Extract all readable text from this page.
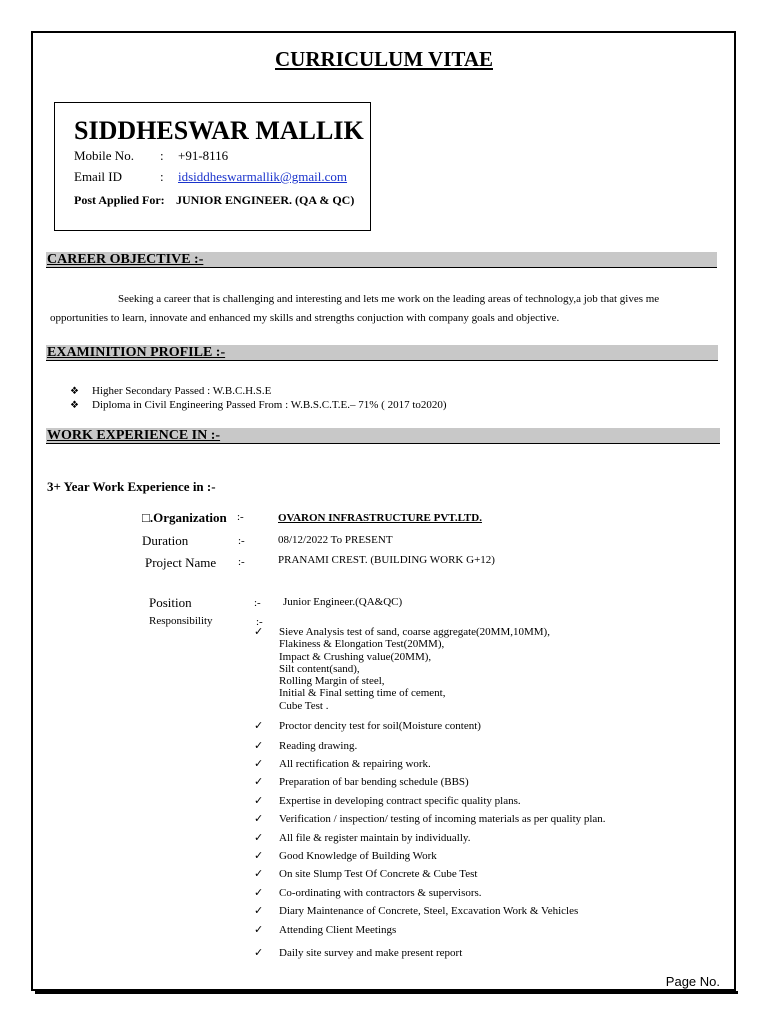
CURRICULUM VITAE
SIDDHESWAR MALLIK
Mobile No. : +91-8116
Email ID	: idsiddheswarmallik@gmail.com
Post Applied For: JUNIOR ENGINEER. (QA & QC)
CAREER OBJECTIVE :-
Seeking a career that is challenging and interesting and lets me work on the leading areas of technology,a job that gives me
opportunities to learn, innovate and enhanced my skills and strengths conjuction with company goals and objective.
EXAMINITION PROFILE :-
❖ Higher Secondary Passed : W.B.C.H.S.E
❖ Diploma in Civil Engineering Passed From : W.B.S.C.T.E.– 71% ( 2017 to2020)
WORK EXPERIENCE IN :-
3+ Year Work Experience in :-
□.Organization :-	OVARON INFRASTRUCTURE PVT.LTD.
Duration	:-	08/12/2022 To PRESENT
Project Name :-	PRANAMI CREST. (BUILDING WORK G+12)
Position	:- Junior Engineer.(QA&QC)
Responsibility	:-
✓ Sieve Analysis test of sand, coarse aggregate(20MM,10MM),
Flakiness & Elongation Test(20MM),
Impact & Crushing value(20MM),
Silt content(sand),
Rolling Margin of steel,
Initial & Final setting time of cement,
Cube Test .
✓ Proctor dencity test for soil(Moisture content)
✓ Reading drawing.
✓ All rectification & repairing work.
✓ Preparation of bar bending schedule (BBS)
✓ Expertise in developing contract specific quality plans.
✓ Verification / inspection/ testing of incoming materials as per quality plan.
✓ All file & register maintain by individually.
✓ Good Knowledge of Building Work
✓ On site Slump Test Of Concrete & Cube Test
✓ Co-ordinating with contractors & supervisors.
✓ Diary Maintenance of Concrete, Steel, Excavation Work & Vehicles
✓ Attending Client Meetings
✓ Daily site survey and make present report
Page No.
